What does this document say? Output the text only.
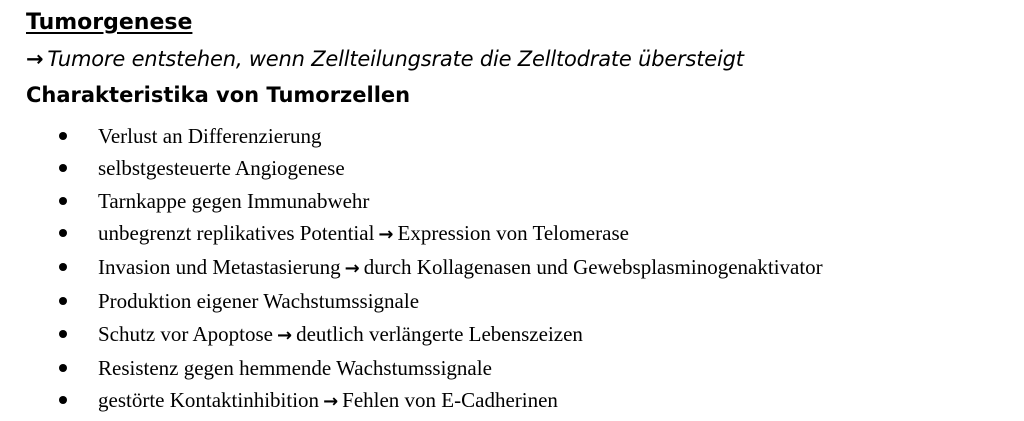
Tumorgenese

→ Tumore entstehen, wenn Zellteilungsrate die Zelltodrate übersteigt

Charakteristika von Tumorzellen
Verlust an Differenzierung
selbstgesteuerte Angiogenese
Tarnkappe gegen Immunabwehr
unbegrenzt replikatives Potential → Expression von Telomerase
Invasion und Metastasierung → durch Kollagenasen und Gewebsplasminogenaktivator
Produktion eigener Wachstumssignale
Schutz vor Apoptose → deutlich verlängerte Lebenszeizen
Resistenz gegen hemmende Wachstumssignale
gestörte Kontaktinhibition → Fehlen von E-Cadherinen
